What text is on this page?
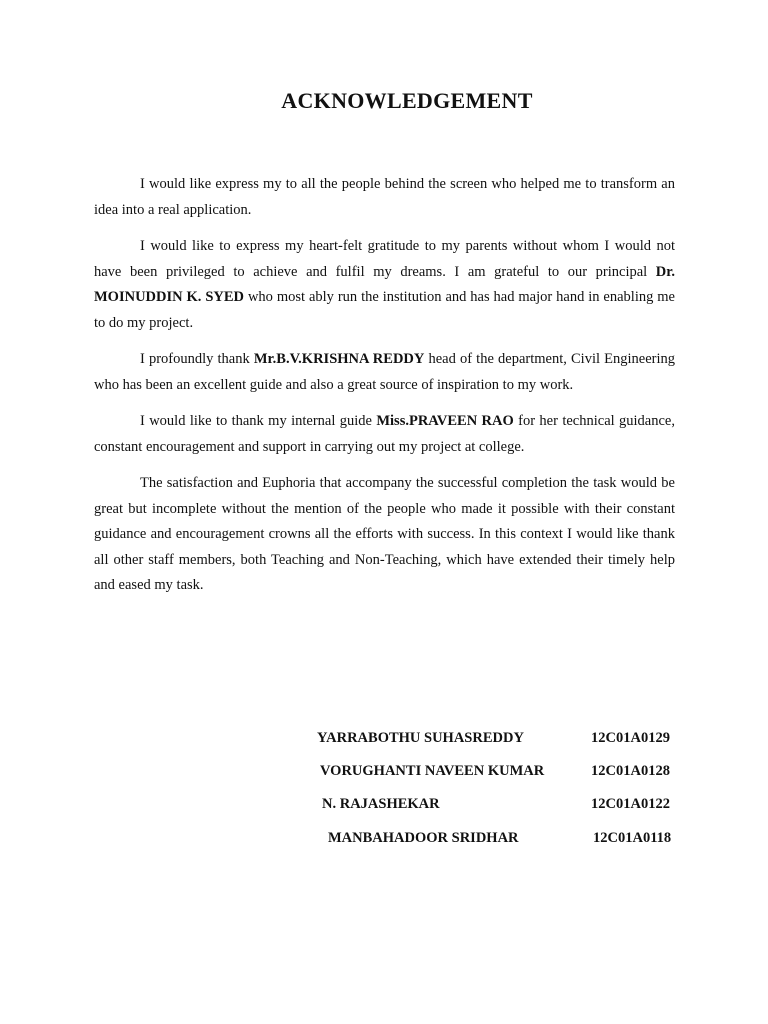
ACKNOWLEDGEMENT

I would like express my to all the people behind the screen who helped me to transform an idea into a real application.

I would like to express my heart-felt gratitude to my parents without whom I would not have been privileged to achieve and fulfil my dreams. I am grateful to our principal Dr. MOINUDDIN K. SYED who most ably run the institution and has had major hand in enabling me to do my project.

I profoundly thank Mr.B.V.KRISHNA REDDY head of the department, Civil Engineering who has been an excellent guide and also a great source of inspiration to my work.

I would like to thank my internal guide Miss.PRAVEEN RAO for her technical guidance, constant encouragement and support in carrying out my project at college.

The satisfaction and Euphoria that accompany the successful completion the task would be great but incomplete without the mention of the people who made it possible with their constant guidance and encouragement crowns all the efforts with success. In this context I would like thank all other staff members, both Teaching and Non-Teaching, which have extended their timely help and eased my task.

YARRABOTHU SUHASREDDY	12C01A0129
VORUGHANTI NAVEEN KUMAR	12C01A0128
N. RAJASHEKAR	12C01A0122
MANBAHADOOR SRIDHAR	12C01A0118
